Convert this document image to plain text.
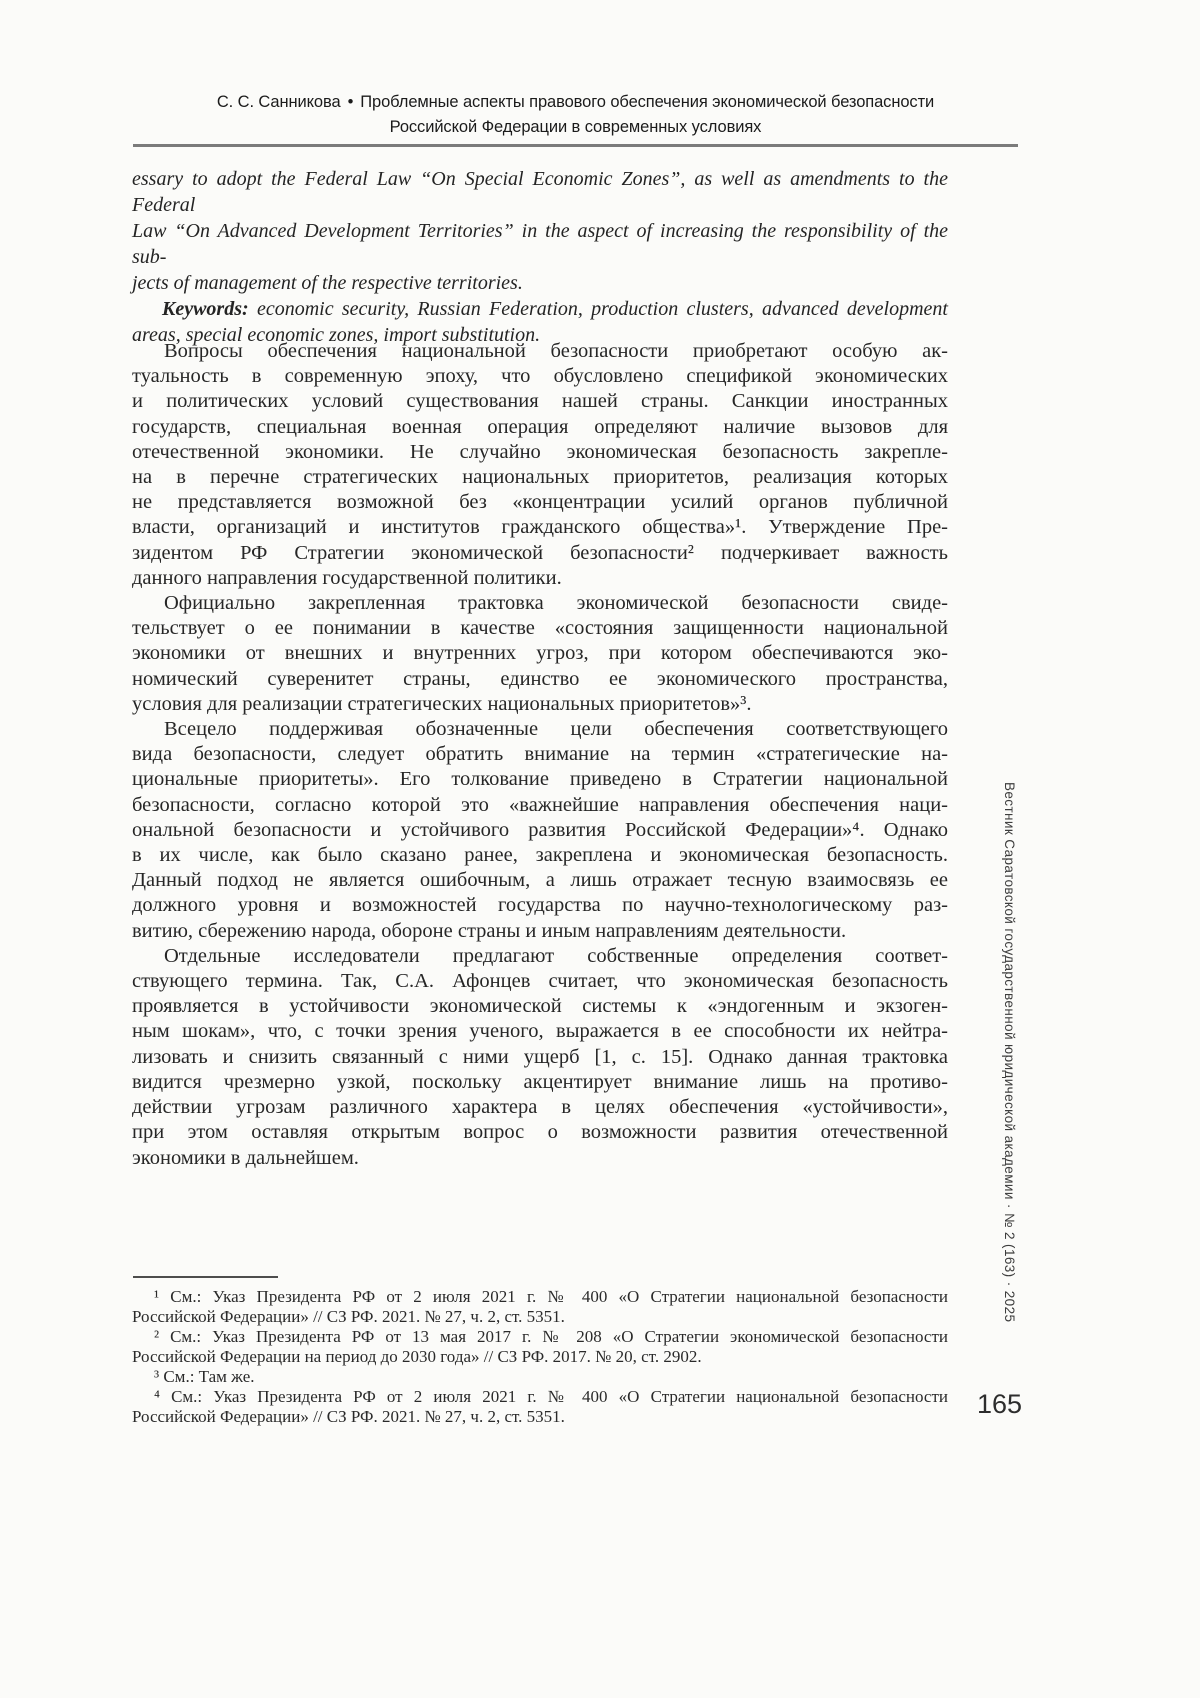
С. С. Санникова • Проблемные аспекты правового обеспечения экономической безопасности
Российской Федерации в современных условиях
essary to adopt the Federal Law “On Special Economic Zones”, as well as amendments to the Federal
Law “On Advanced Development Territories” in the aspect of increasing the responsibility of the sub-
jects of management of the respective territories.
Keywords: economic security, Russian Federation, production clusters, advanced development
areas, special economic zones, import substitution.
Вопросы обеспечения национальной безопасности приобретают особую ак-
туальность в современную эпоху, что обусловлено спецификой экономических
и политических условий существования нашей страны. Санкции иностранных
государств, специальная военная операция определяют наличие вызовов для
отечественной экономики. Не случайно экономическая безопасность закрепле-
на в перечне стратегических национальных приоритетов, реализация которых
не представляется возможной без «концентрации усилий органов публичной
власти, организаций и институтов гражданского общества»¹. Утверждение Пре-
зидентом РФ Стратегии экономической безопасности² подчеркивает важность
данного направления государственной политики.
Официально закрепленная трактовка экономической безопасности свиде-
тельствует о ее понимании в качестве «состояния защищенности национальной
экономики от внешних и внутренних угроз, при котором обеспечиваются эко-
номический суверенитет страны, единство ее экономического пространства,
условия для реализации стратегических национальных приоритетов»³.
Всецело поддерживая обозначенные цели обеспечения соответствующего
вида безопасности, следует обратить внимание на термин «стратегические на-
циональные приоритеты». Его толкование приведено в Стратегии национальной
безопасности, согласно которой это «важнейшие направления обеспечения наци-
ональной безопасности и устойчивого развития Российской Федерации»⁴. Однако
в их числе, как было сказано ранее, закреплена и экономическая безопасность.
Данный подход не является ошибочным, а лишь отражает тесную взаимосвязь ее
должного уровня и возможностей государства по научно-технологическому раз-
витию, сбережению народа, обороне страны и иным направлениям деятельности.
Отдельные исследователи предлагают собственные определения соответ-
ствующего термина. Так, С.А. Афонцев считает, что экономическая безопасность
проявляется в устойчивости экономической системы к «эндогенным и экзоген-
ным шокам», что, с точки зрения ученого, выражается в ее способности их нейтра-
лизовать и снизить связанный с ними ущерб [1, с. 15]. Однако данная трактовка
видится чрезмерно узкой, поскольку акцентирует внимание лишь на противо-
действии угрозам различного характера в целях обеспечения «устойчивости»,
при этом оставляя открытым вопрос о возможности развития отечественной
экономики в дальнейшем.
¹ См.: Указ Президента РФ от 2 июля 2021 г. № 400 «О Стратегии национальной безопасности
Российской Федерации» // СЗ РФ. 2021. № 27, ч. 2, ст. 5351.
² См.: Указ Президента РФ от 13 мая 2017 г. № 208 «О Стратегии экономической безопасности
Российской Федерации на период до 2030 года» // СЗ РФ. 2017. № 20, ст. 2902.
³ См.: Там же.
⁴ См.: Указ Президента РФ от 2 июля 2021 г. № 400 «О Стратегии национальной безопасности
Российской Федерации» // СЗ РФ. 2021. № 27, ч. 2, ст. 5351.
Вестник Саратовской государственной юридической академии · № 2 (163) · 2025
165
